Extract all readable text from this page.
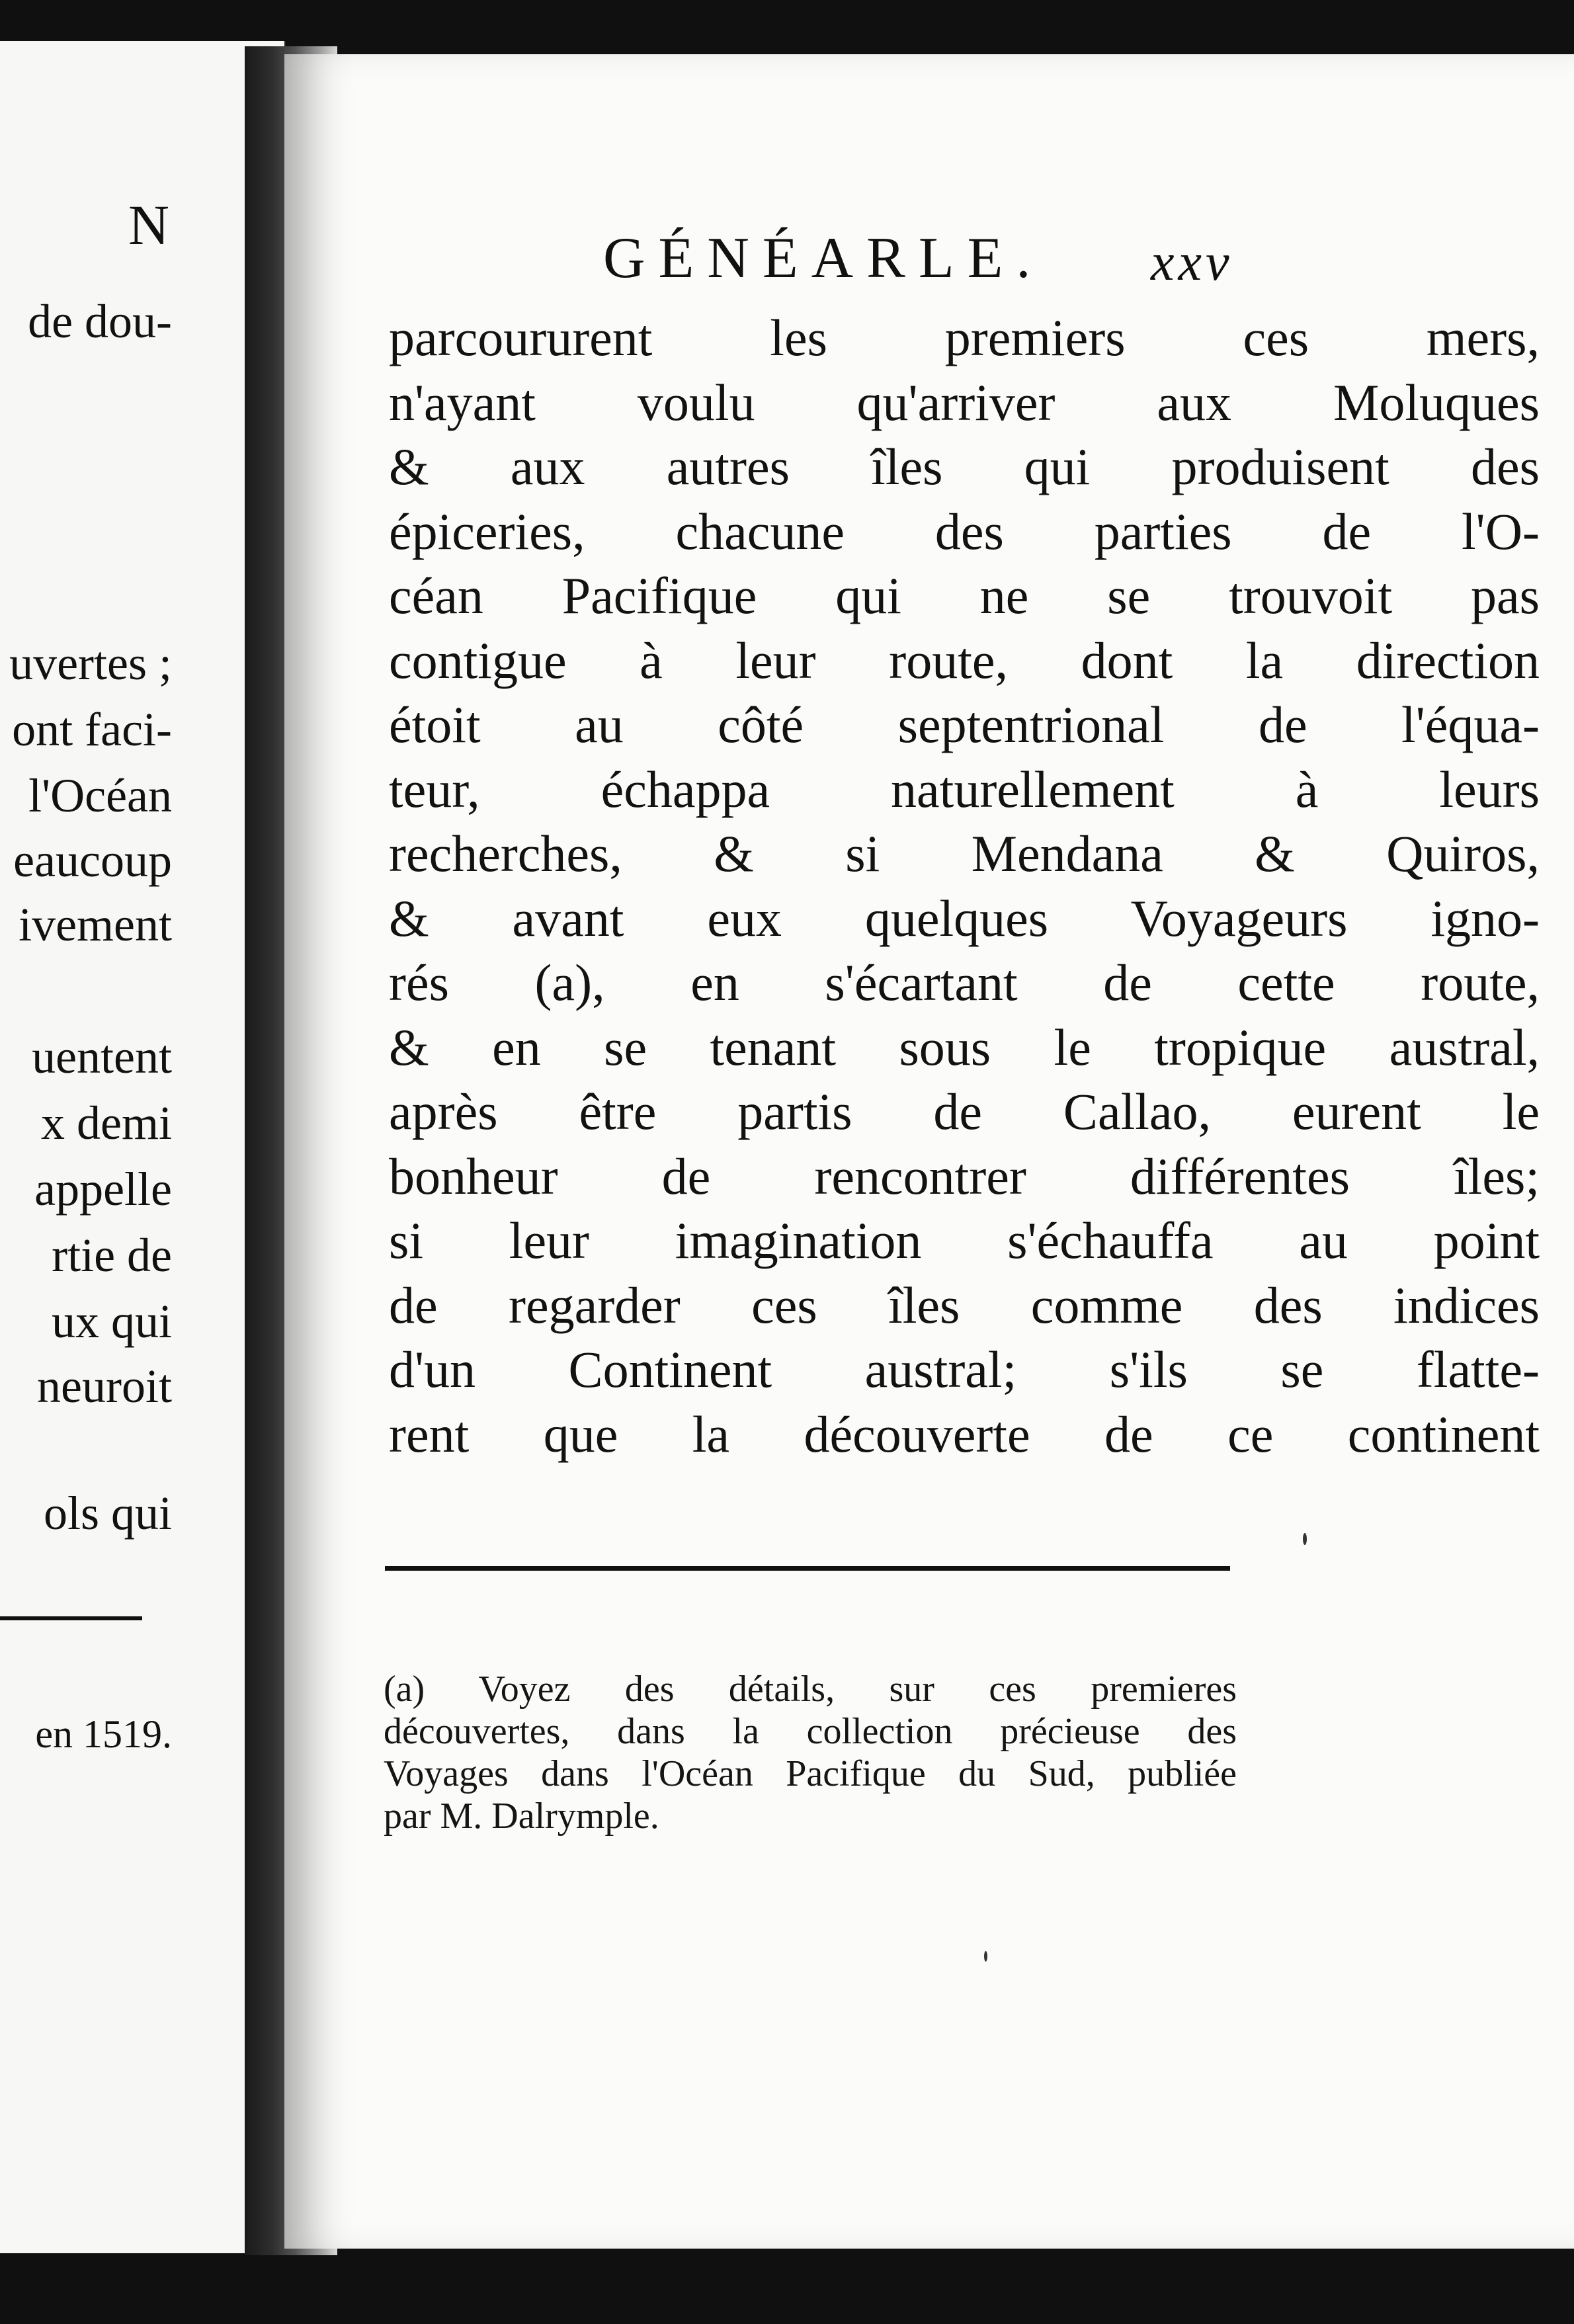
N
de dou-
uvertes ;
ont faci-
l'Océan
eaucoup
ivement
uentent
x demi
appelle
rtie de
ux qui
neuroit
ols qui
en 1519.
GÉNÉARLE. xxv
parcoururent les premiers ces mers,
n'ayant voulu qu'arriver aux Moluques
& aux autres îles qui produisent des
épiceries, chacune des parties de l'O-
céan Pacifique qui ne se trouvoit pas
contigue à leur route, dont la direction
étoit au côté septentrional de l'équa-
teur, échappa naturellement à leurs
recherches, & si Mendana & Quiros,
& avant eux quelques Voyageurs igno-
rés (a), en s'écartant de cette route,
& en se tenant sous le tropique austral,
après être partis de Callao, eurent le
bonheur de rencontrer différentes îles;
si leur imagination s'échauffa au point
de regarder ces îles comme des indices
d'un Continent austral; s'ils se flatte-
rent que la découverte de ce continent
(a) Voyez des détails, sur ces premieres
découvertes, dans la collection précieuse des
Voyages dans l'Océan Pacifique du Sud, publiée
par M. Dalrymple.
